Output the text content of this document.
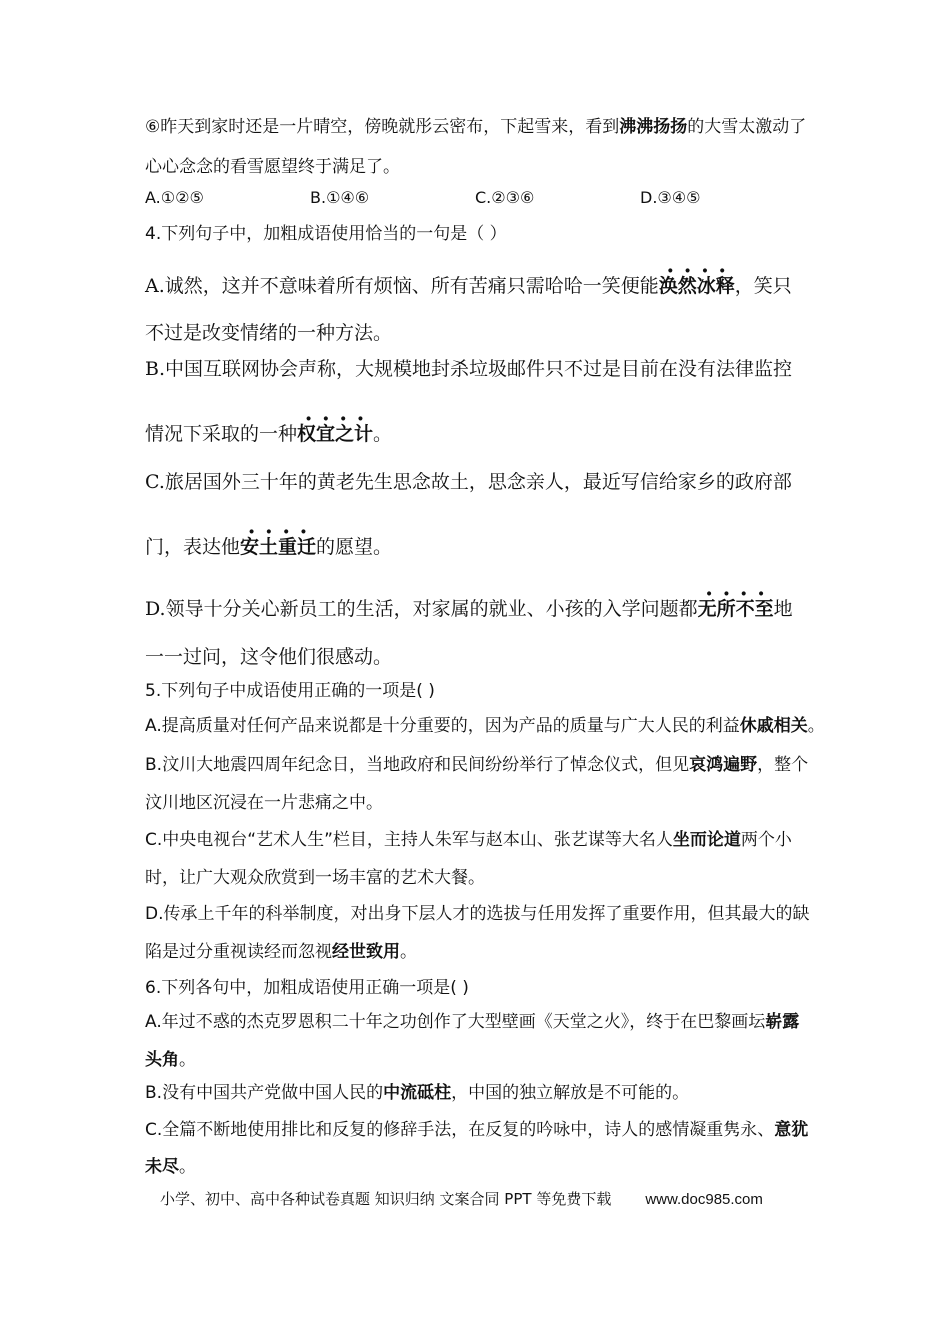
⑥昨天到家时还是一片晴空，傍晚就彤云密布，下起雪来，看到沸沸扬扬的大雪太激动了
心心念念的看雪愿望终于满足了。
A.①②⑤	B.①④⑥	C.②③⑥	D.③④⑤
4.下列句子中，加粗成语使用恰当的一句是（ ）
A.诚然，这并不意味着所有烦恼、所有苦痛只需哈哈一笑便能· · · · 涣然冰释，笑只
不过是改变情绪的一种方法。
B.中国互联网协会声称，大规模地封杀垃圾邮件只不过是目前在没有法律监控
情况下采取的一种· · · · 权宜之计。
C.旅居国外三十年的黄老先生思念故土，思念亲人，最近写信给家乡的政府部
门，表达他· · · · 安土重迁的愿望。
D.领导十分关心新员工的生活，对家属的就业、小孩的入学问题都· · · · 无所不至地
一一过问，这令他们很感动。
5.下列句子中成语使用正确的一项是( )
A.提高质量对任何产品来说都是十分重要的，因为产品的质量与广大人民的利益休戚相关。
B.汶川大地震四周年纪念日，当地政府和民间纷纷举行了悼念仪式，但见哀鸿遍野，整个
汶川地区沉浸在一片悲痛之中。
C.中央电视台“艺术人生”栏目，主持人朱军与赵本山、张艺谋等大名人坐而论道两个小
时，让广大观众欣赏到一场丰富的艺术大餐。
D.传承上千年的科举制度，对出身下层人才的选拔与任用发挥了重要作用，但其最大的缺
陷是过分重视读经而忽视经世致用。
6.下列各句中，加粗成语使用正确一项是( )
A.年过不惑的杰克罗恩积二十年之功创作了大型壁画《天堂之火》，终于在巴黎画坛崭露
头角。
B.没有中国共产党做中国人民的中流砥柱，中国的独立解放是不可能的。
C.全篇不断地使用排比和反复的修辞手法，在反复的吟咏中，诗人的感情凝重隽永、意犹
未尽。
小学、初中、高中各种试卷真题 知识归纳 文案合同 PPT 等免费下载 www.doc985.com
